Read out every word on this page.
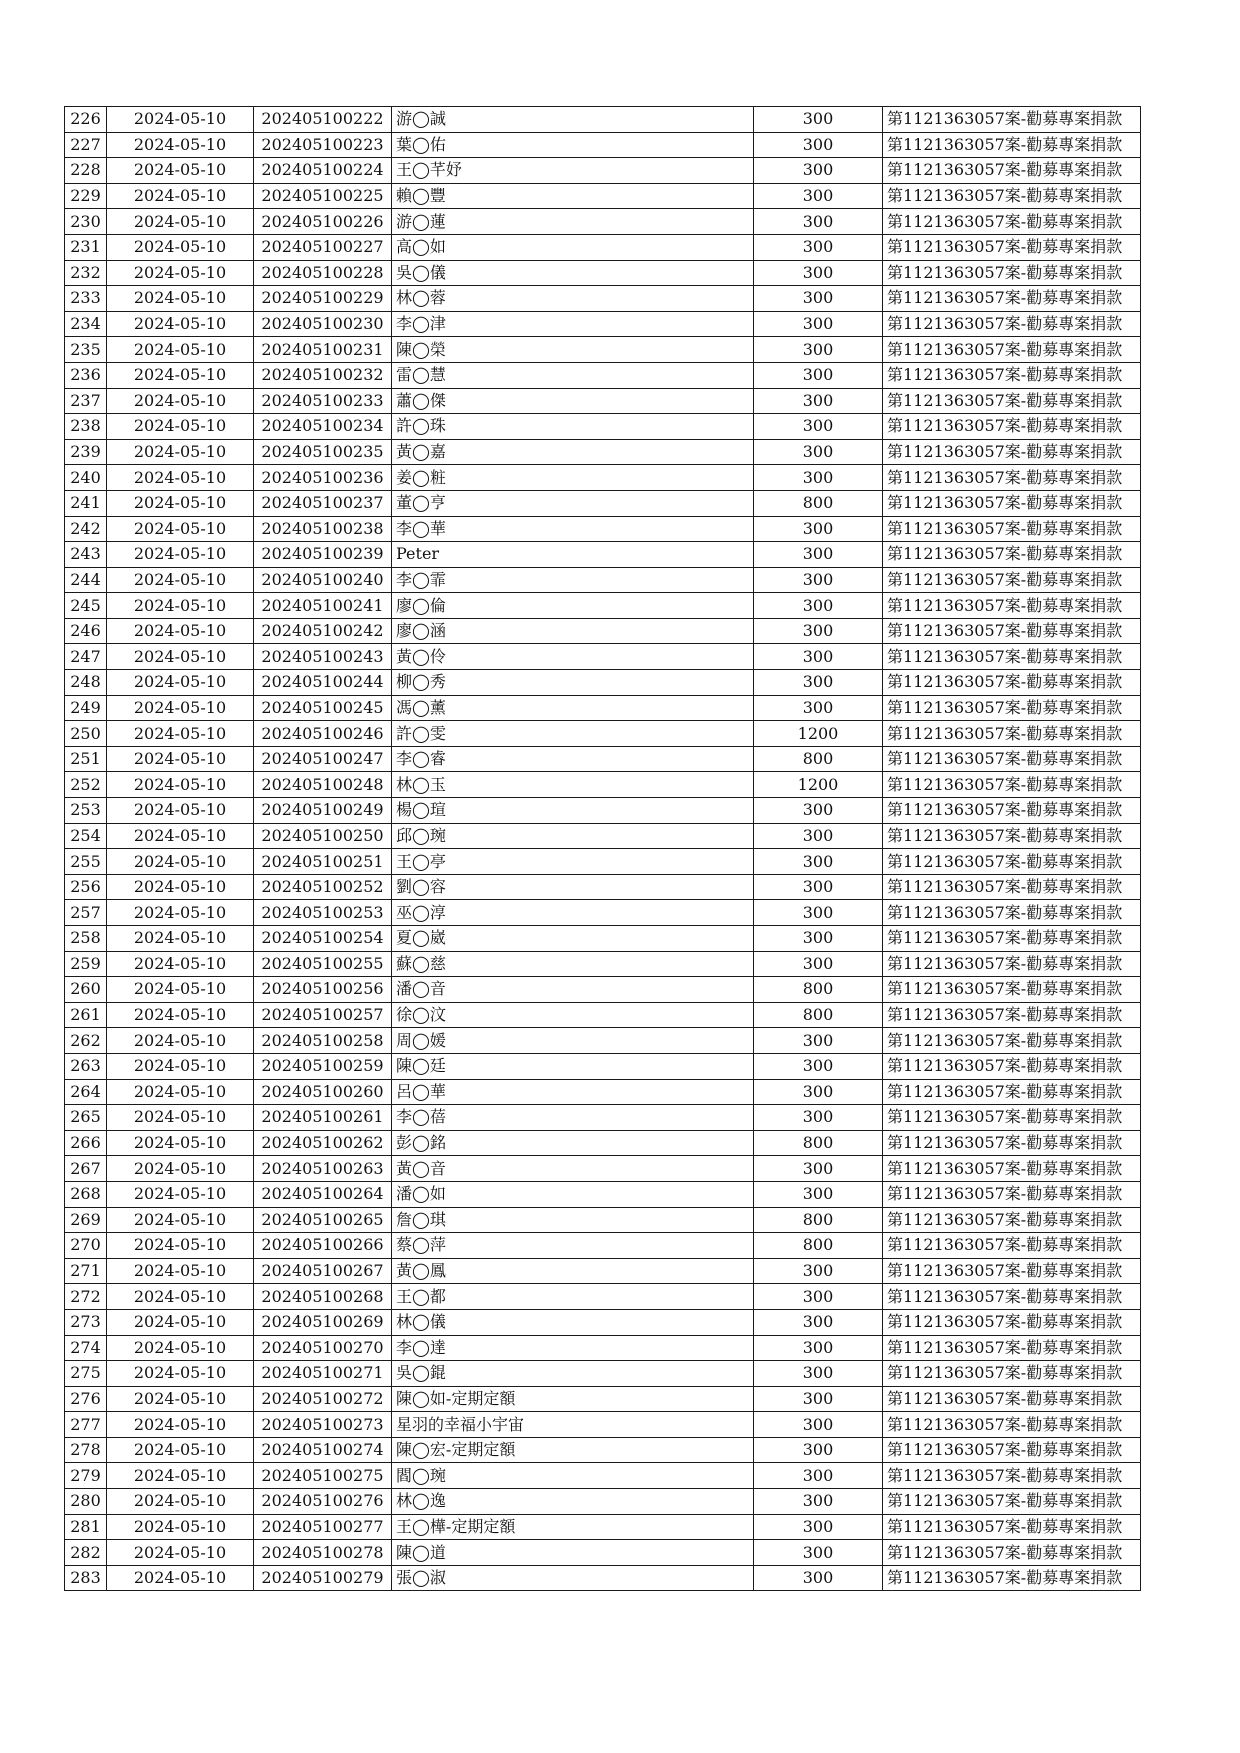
226	2024-05-10	202405100222	游◯誠	300	第1121363057案-勸募專案捐款
227	2024-05-10	202405100223	葉◯佑	300	第1121363057案-勸募專案捐款
228	2024-05-10	202405100224	王◯芊妤	300	第1121363057案-勸募專案捐款
229	2024-05-10	202405100225	賴◯豐	300	第1121363057案-勸募專案捐款
230	2024-05-10	202405100226	游◯蓮	300	第1121363057案-勸募專案捐款
231	2024-05-10	202405100227	高◯如	300	第1121363057案-勸募專案捐款
232	2024-05-10	202405100228	吳◯儀	300	第1121363057案-勸募專案捐款
233	2024-05-10	202405100229	林◯蓉	300	第1121363057案-勸募專案捐款
234	2024-05-10	202405100230	李◯津	300	第1121363057案-勸募專案捐款
235	2024-05-10	202405100231	陳◯榮	300	第1121363057案-勸募專案捐款
236	2024-05-10	202405100232	雷◯慧	300	第1121363057案-勸募專案捐款
237	2024-05-10	202405100233	蕭◯傑	300	第1121363057案-勸募專案捐款
238	2024-05-10	202405100234	許◯珠	300	第1121363057案-勸募專案捐款
239	2024-05-10	202405100235	黃◯嘉	300	第1121363057案-勸募專案捐款
240	2024-05-10	202405100236	姜◯粧	300	第1121363057案-勸募專案捐款
241	2024-05-10	202405100237	董◯亨	800	第1121363057案-勸募專案捐款
242	2024-05-10	202405100238	李◯華	300	第1121363057案-勸募專案捐款
243	2024-05-10	202405100239	Peter	300	第1121363057案-勸募專案捐款
244	2024-05-10	202405100240	李◯霏	300	第1121363057案-勸募專案捐款
245	2024-05-10	202405100241	廖◯倫	300	第1121363057案-勸募專案捐款
246	2024-05-10	202405100242	廖◯涵	300	第1121363057案-勸募專案捐款
247	2024-05-10	202405100243	黃◯伶	300	第1121363057案-勸募專案捐款
248	2024-05-10	202405100244	柳◯秀	300	第1121363057案-勸募專案捐款
249	2024-05-10	202405100245	馮◯薰	300	第1121363057案-勸募專案捐款
250	2024-05-10	202405100246	許◯雯	1200	第1121363057案-勸募專案捐款
251	2024-05-10	202405100247	李◯睿	800	第1121363057案-勸募專案捐款
252	2024-05-10	202405100248	林◯玉	1200	第1121363057案-勸募專案捐款
253	2024-05-10	202405100249	楊◯瑄	300	第1121363057案-勸募專案捐款
254	2024-05-10	202405100250	邱◯琬	300	第1121363057案-勸募專案捐款
255	2024-05-10	202405100251	王◯亭	300	第1121363057案-勸募專案捐款
256	2024-05-10	202405100252	劉◯容	300	第1121363057案-勸募專案捐款
257	2024-05-10	202405100253	巫◯淳	300	第1121363057案-勸募專案捐款
258	2024-05-10	202405100254	夏◯崴	300	第1121363057案-勸募專案捐款
259	2024-05-10	202405100255	蘇◯慈	300	第1121363057案-勸募專案捐款
260	2024-05-10	202405100256	潘◯音	800	第1121363057案-勸募專案捐款
261	2024-05-10	202405100257	徐◯汶	800	第1121363057案-勸募專案捐款
262	2024-05-10	202405100258	周◯媛	300	第1121363057案-勸募專案捐款
263	2024-05-10	202405100259	陳◯廷	300	第1121363057案-勸募專案捐款
264	2024-05-10	202405100260	呂◯華	300	第1121363057案-勸募專案捐款
265	2024-05-10	202405100261	李◯蓓	300	第1121363057案-勸募專案捐款
266	2024-05-10	202405100262	彭◯銘	800	第1121363057案-勸募專案捐款
267	2024-05-10	202405100263	黃◯音	300	第1121363057案-勸募專案捐款
268	2024-05-10	202405100264	潘◯如	300	第1121363057案-勸募專案捐款
269	2024-05-10	202405100265	詹◯琪	800	第1121363057案-勸募專案捐款
270	2024-05-10	202405100266	蔡◯萍	800	第1121363057案-勸募專案捐款
271	2024-05-10	202405100267	黃◯鳳	300	第1121363057案-勸募專案捐款
272	2024-05-10	202405100268	王◯都	300	第1121363057案-勸募專案捐款
273	2024-05-10	202405100269	林◯儀	300	第1121363057案-勸募專案捐款
274	2024-05-10	202405100270	李◯達	300	第1121363057案-勸募專案捐款
275	2024-05-10	202405100271	吳◯錕	300	第1121363057案-勸募專案捐款
276	2024-05-10	202405100272	陳◯如-定期定額	300	第1121363057案-勸募專案捐款
277	2024-05-10	202405100273	星羽的幸福小宇宙	300	第1121363057案-勸募專案捐款
278	2024-05-10	202405100274	陳◯宏-定期定額	300	第1121363057案-勸募專案捐款
279	2024-05-10	202405100275	閻◯琬	300	第1121363057案-勸募專案捐款
280	2024-05-10	202405100276	林◯逸	300	第1121363057案-勸募專案捐款
281	2024-05-10	202405100277	王◯樺-定期定額	300	第1121363057案-勸募專案捐款
282	2024-05-10	202405100278	陳◯道	300	第1121363057案-勸募專案捐款
283	2024-05-10	202405100279	張◯淑	300	第1121363057案-勸募專案捐款
